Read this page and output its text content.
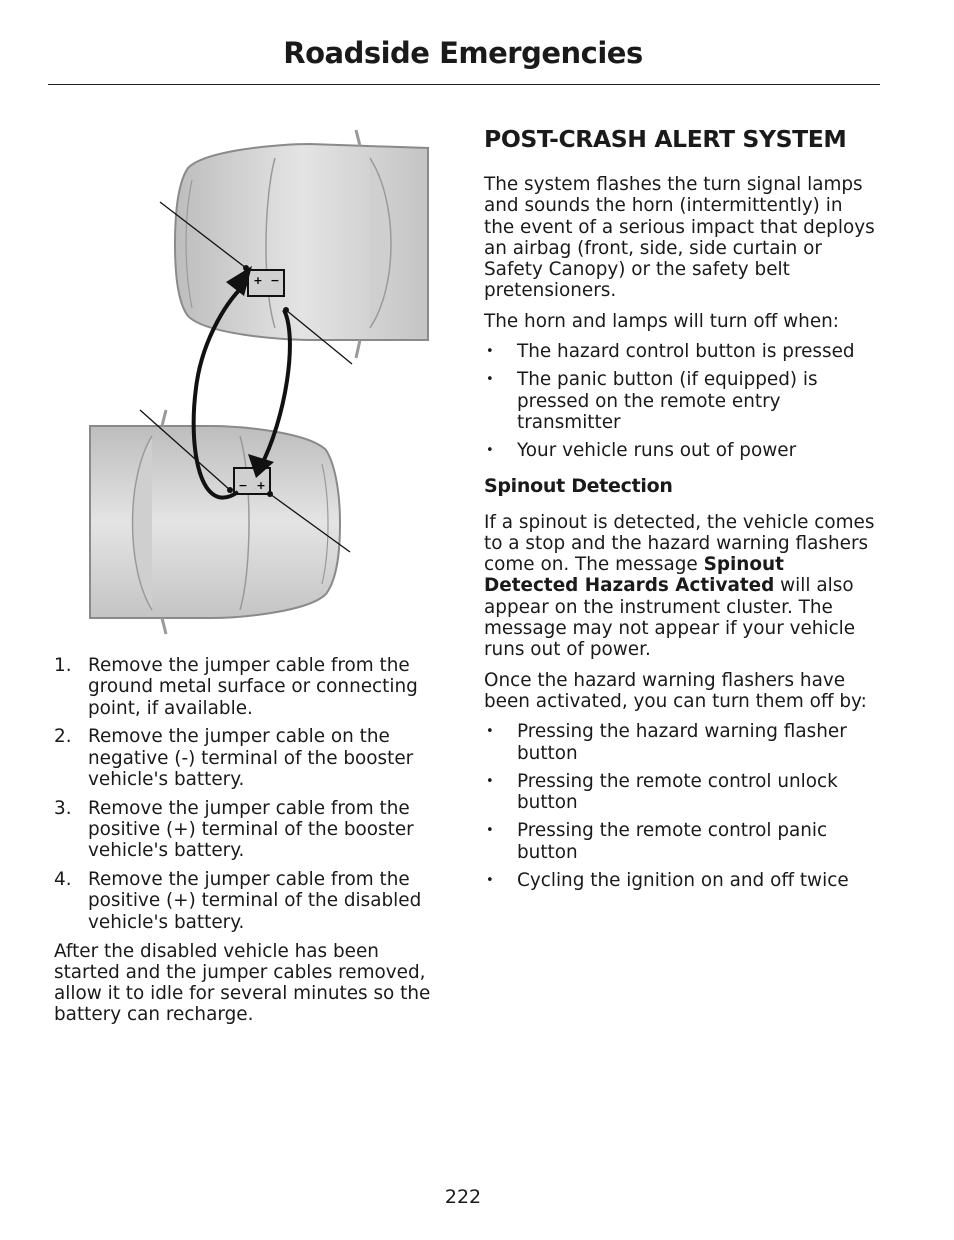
Roadside Emergencies
+ −
− +
1. Remove the jumper cable from the ground metal surface or connecting point, if available.
2. Remove the jumper cable on the negative (-) terminal of the booster vehicle's battery.
3. Remove the jumper cable from the positive (+) terminal of the booster vehicle's battery.
4. Remove the jumper cable from the positive (+) terminal of the disabled vehicle's battery.

After the disabled vehicle has been started and the jumper cables removed, allow it to idle for several minutes so the battery can recharge.

POST-CRASH ALERT SYSTEM

The system flashes the turn signal lamps and sounds the horn (intermittently) in the event of a serious impact that deploys an airbag (front, side, side curtain or Safety Canopy) or the safety belt pretensioners.

The horn and lamps will turn off when:

• The hazard control button is pressed
• The panic button (if equipped) is pressed on the remote entry transmitter
• Your vehicle runs out of power
Spinout Detection

If a spinout is detected, the vehicle comes to a stop and the hazard warning flashers come on. The message Spinout Detected Hazards Activated will also appear on the instrument cluster. The message may not appear if your vehicle runs out of power.

Once the hazard warning flashers have been activated, you can turn them off by:

• Pressing the hazard warning flasher button
• Pressing the remote control unlock button
• Pressing the remote control panic button
• Cycling the ignition on and off twice
222
